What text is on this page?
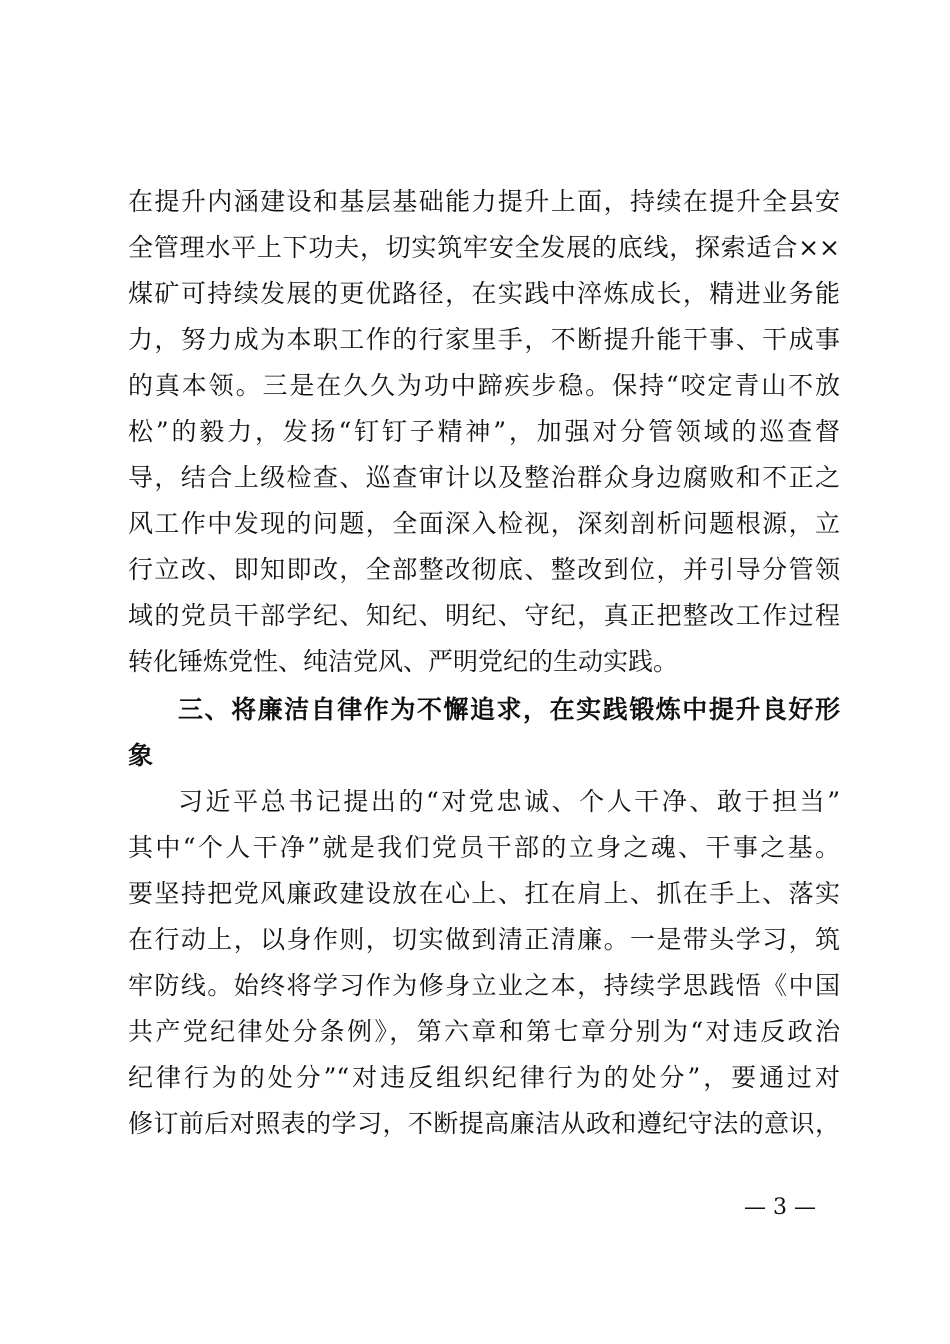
在提升内涵建设和基层基础能力提升上面，持续在提升全县安
全管理水平上下功夫，切实筑牢安全发展的底线，探索适合××
煤矿可持续发展的更优路径，在实践中淬炼成长，精进业务能
力，努力成为本职工作的行家里手，不断提升能干事、干成事
的真本领。三是在久久为功中蹄疾步稳。保持“咬定青山不放
松”的毅力，发扬“钉钉子精神”，加强对分管领域的巡查督
导，结合上级检查、巡查审计以及整治群众身边腐败和不正之
风工作中发现的问题，全面深入检视，深刻剖析问题根源，立
行立改、即知即改，全部整改彻底、整改到位，并引导分管领
域的党员干部学纪、知纪、明纪、守纪，真正把整改工作过程
转化锤炼党性、纯洁党风、严明党纪的生动实践。
三、将廉洁自律作为不懈追求，在实践锻炼中提升良好形
象
习近平总书记提出的“对党忠诚、个人干净、敢于担当”
其中“个人干净”就是我们党员干部的立身之魂、干事之基。
要坚持把党风廉政建设放在心上、扛在肩上、抓在手上、落实
在行动上，以身作则，切实做到清正清廉。一是带头学习，筑
牢防线。始终将学习作为修身立业之本，持续学思践悟《中国
共产党纪律处分条例》，第六章和第七章分别为“对违反政治
纪律行为的处分”“对违反组织纪律行为的处分”，要通过对
修订前后对照表的学习，不断提高廉洁从政和遵纪守法的意识，
— 3 —
